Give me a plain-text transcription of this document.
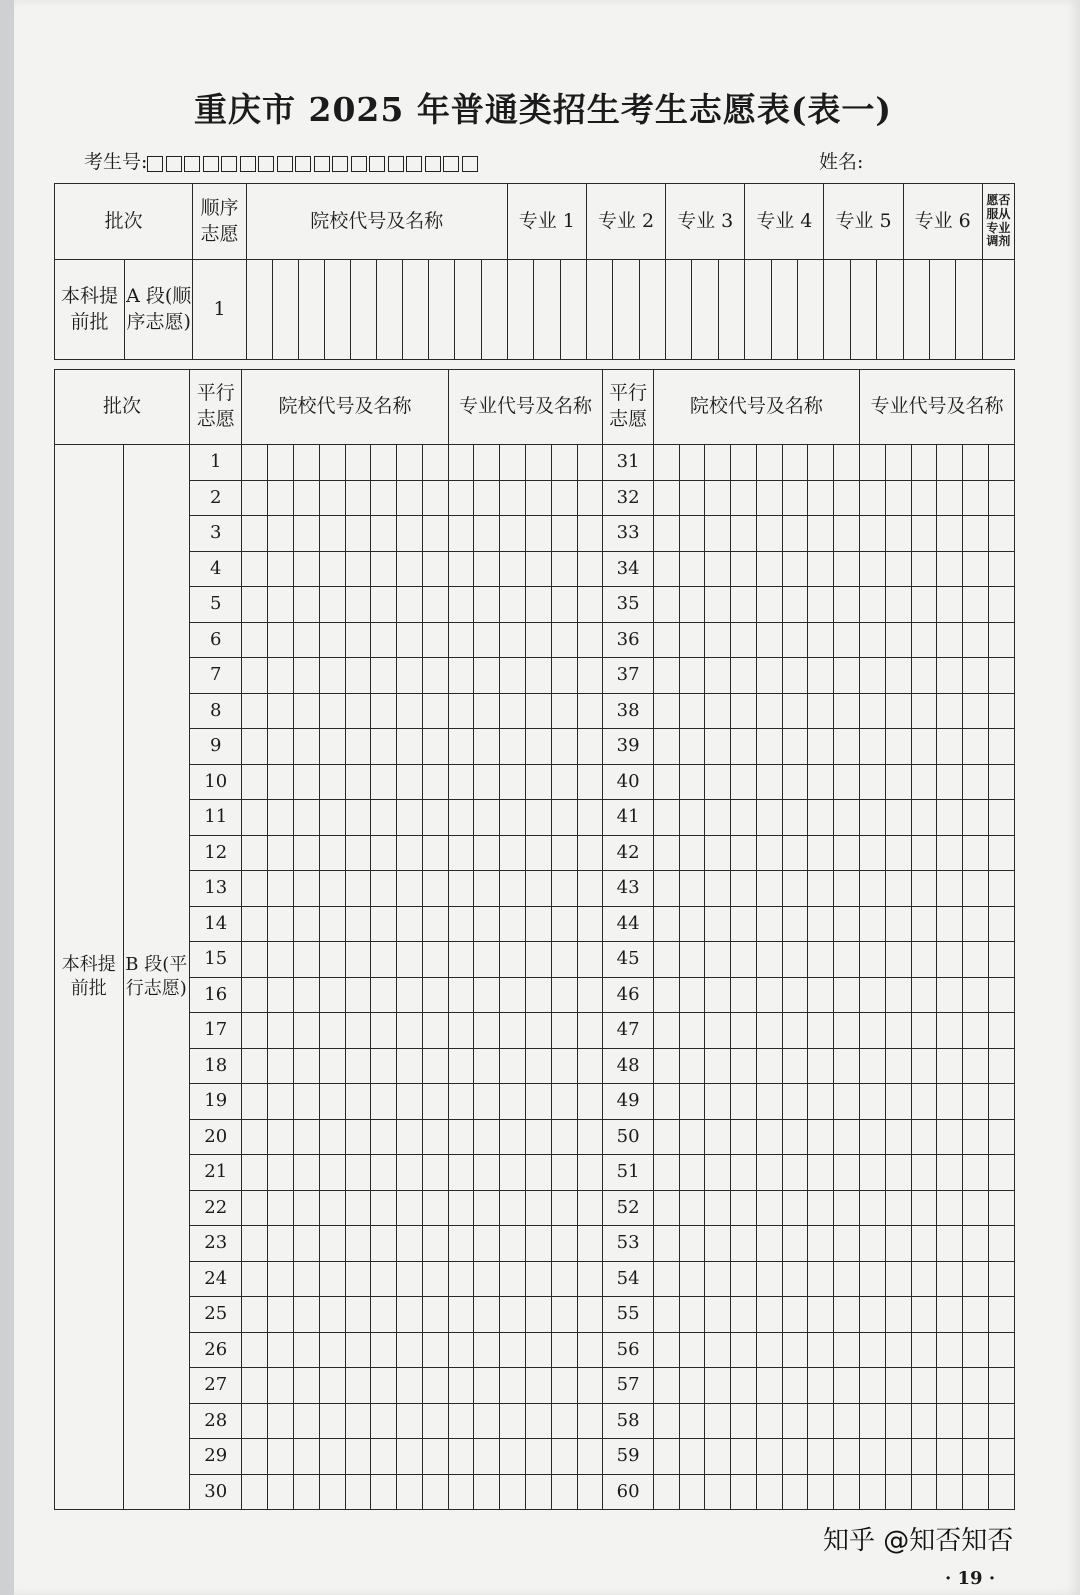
重庆市 2025 年普通类招生考生志愿表(表一)
考生号:	姓名:
批次		顺序志愿	院校代号及名称										专业 1			专业 2			专业 3			专业 4			专业 5			专业 6			愿否服从专业调剂
本科提前批	A 段(顺序志愿)	1																													
批次		平行志愿	院校代号及名称								专业代号及名称						平行志愿	院校代号及名称								专业代号及名称					
本科提前批	B 段(平行志愿)	1															31														
		2															32														
		3															33														
		4															34														
		5															35														
		6															36														
		7															37														
		8															38														
		9															39														
		10															40														
		11															41														
		12															42														
		13															43														
		14															44														
		15															45														
		16															46														
		17															47														
		18															48														
		19															49														
		20															50														
		21															51														
		22															52														
		23															53														
		24															54														
		25															55														
		26															56														
		27															57														
		28															58														
		29															59														
		30															60														
知乎 @知否知否
· 19 ·
